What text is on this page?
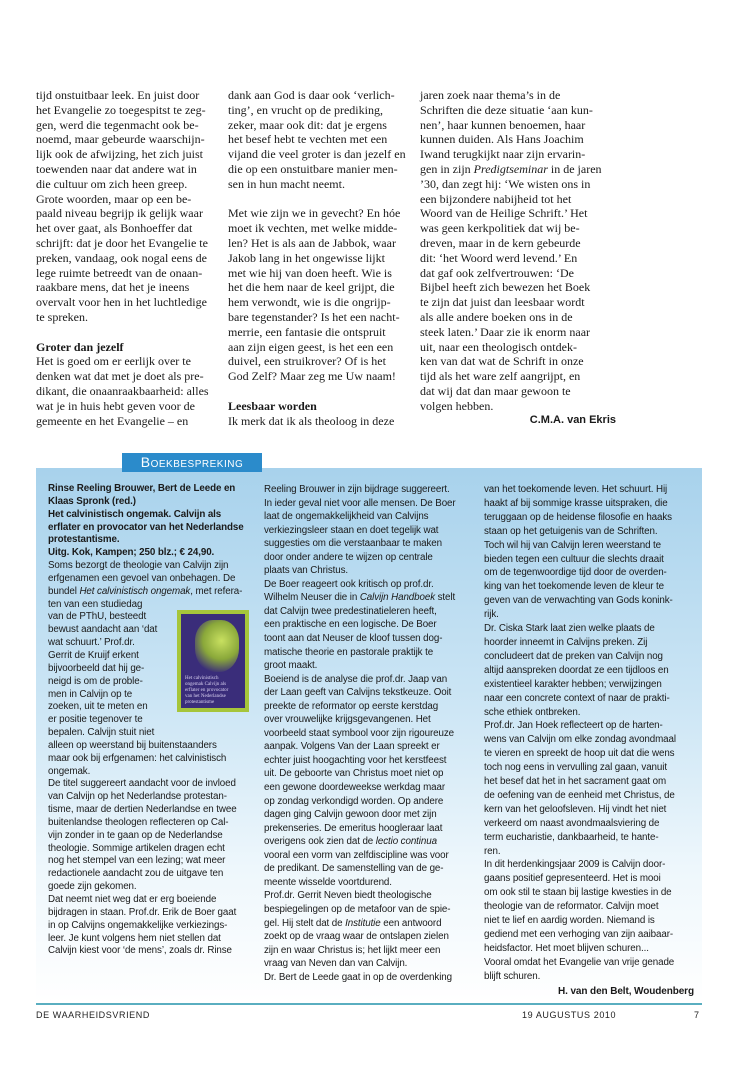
tijd onstuitbaar leek. En juist door
het Evangelie zo toegespitst te zeg-
gen, werd die tegenmacht ook be-
noemd, maar gebeurde waarschijn-
lijk ook de afwijzing, het zich juist
toewenden naar dat andere wat in
die cultuur om zich heen greep.
Grote woorden, maar op een be-
paald niveau begrijp ik gelijk waar
het over gaat, als Bonhoeffer dat
schrijft: dat je door het Evangelie te
preken, vandaag, ook nogal eens de
lege ruimte betreedt van de onaan-
raakbare mens, dat het je ineens
overvalt voor hen in het luchtledige
te spreken.

Groter dan jezelf
Het is goed om er eerlijk over te
denken wat dat met je doet als pre-
dikant, die onaanraakbaarheid: alles
wat je in huis hebt geven voor de
gemeente en het Evangelie – en
dank aan God is daar ook ‘verlich-
ting’, en vrucht op de prediking,
zeker, maar ook dit: dat je ergens
het besef hebt te vechten met een
vijand die veel groter is dan jezelf en
die op een onstuitbare manier men-
sen in hun macht neemt.

Met wie zijn we in gevecht? En hóe
moet ik vechten, met welke midde-
len? Het is als aan de Jabbok, waar
Jakob lang in het ongewisse lijkt
met wie hij van doen heeft. Wie is
het die hem naar de keel grijpt, die
hem verwondt, wie is die ongrijp-
bare tegenstander? Is het een nacht-
merrie, een fantasie die ontspruit
aan zijn eigen geest, is het een een
duivel, een struikrover? Of is het
God Zelf? Maar zeg me Uw naam!

Leesbaar worden
Ik merk dat ik als theoloog in deze
jaren zoek naar thema’s in de
Schriften die deze situatie ‘aan kun-
nen’, haar kunnen benoemen, haar
kunnen duiden. Als Hans Joachim
Iwand terugkijkt naar zijn ervarin-
gen in zijn Predigtseminar in de jaren
’30, dan zegt hij: ‘We wisten ons in
een bijzondere nabijheid tot het
Woord van de Heilige Schrift.’ Het
was geen kerkpolitiek dat wij be-
dreven, maar in de kern gebeurde
dit: ‘het Woord werd levend.’ En
dat gaf ook zelfvertrouwen: ‘De
Bijbel heeft zich bewezen het Boek
te zijn dat juist dan leesbaar wordt
als alle andere boeken ons in de
steek laten.’ Daar zie ik enorm naar
uit, naar een theologisch ontdek-
ken van dat wat de Schrift in onze
tijd als het ware zelf aangrijpt, en
dat wij dat dan maar gewoon te
volgen hebben.
C.M.A. van Ekris
Boekbespreking
Rinse Reeling Brouwer, Bert de Leede en
Klaas Spronk (red.)
Het calvinistisch ongemak. Calvijn als
erflater en provocator van het Nederlandse
protestantisme.
Uitg. Kok, Kampen; 250 blz.; € 24,90.
Soms bezorgt de theologie van Calvijn zijn
erfgenamen een gevoel van onbehagen. De
bundel Het calvinistisch ongemak, met refera-
ten van een studiedag
van de PThU, besteedt
bewust aandacht aan ‘dat
wat schuurt.’ Prof.dr.
Gerrit de Kruijf erkent
bijvoorbeeld dat hij ge-
neigd is om de proble-
men in Calvijn op te
zoeken, uit te meten en
er positie tegenover te
bepalen. Calvijn stuit niet
alleen op weerstand bij buitenstaanders
maar ook bij erfgenamen: het calvinistisch
ongemak.
De titel suggereert aandacht voor de invloed
van Calvijn op het Nederlandse protestan-
tisme, maar de dertien Nederlandse en twee
buitenlandse theologen reflecteren op Cal-
vijn zonder in te gaan op de Nederlandse
theologie. Sommige artikelen dragen echt
nog het stempel van een lezing; wat meer
redactionele aandacht zou de uitgave ten
goede zijn gekomen.
Dat neemt niet weg dat er erg boeiende
bijdragen in staan. Prof.dr. Erik de Boer gaat
in op Calvijns ongemakkelijke verkiezings-
leer. Je kunt volgens hem niet stellen dat
Calvijn kiest voor ‘de mens’, zoals dr. Rinse
Reeling Brouwer in zijn bijdrage suggereert.
In ieder geval niet voor alle mensen. De Boer
laat de ongemakkelijkheid van Calvijns
verkiezingsleer staan en doet tegelijk wat
suggesties om die verstaanbaar te maken
door onder andere te wijzen op centrale
plaats van Christus.
De Boer reageert ook kritisch op prof.dr.
Wilhelm Neuser die in Calvijn Handboek stelt
dat Calvijn twee predestinatieleren heeft,
een praktische en een logische. De Boer
toont aan dat Neuser de kloof tussen dog-
matische theorie en pastorale praktijk te
groot maakt.
Boeiend is de analyse die prof.dr. Jaap van
der Laan geeft van Calvijns tekstkeuze. Ooit
preekte de reformator op eerste kerstdag
over vrouwelijke krijgsgevangenen. Het
voorbeeld staat symbool voor zijn rigoureuze
aanpak. Volgens Van der Laan spreekt er
echter juist hoogachting voor het kerstfeest
uit. De geboorte van Christus moet niet op
een gewone doordeweekse werkdag maar
op zondag verkondigd worden. Op andere
dagen ging Calvijn gewoon door met zijn
prekenseries. De emeritus hoogleraar laat
overigens ook zien dat de lectio continua
vooral een vorm van zelfdiscipline was voor
de predikant. De samenstelling van de ge-
meente wisselde voortdurend.
Prof.dr. Gerrit Neven biedt theologische
bespiegelingen op de metafoor van de spie-
gel. Hij stelt dat de Institutie een antwoord
zoekt op de vraag waar de ontslapen zielen
zijn en waar Christus is; het lijkt meer een
vraag van Neven dan van Calvijn.
Dr. Bert de Leede gaat in op de overdenking
van het toekomende leven. Het schuurt. Hij
haakt af bij sommige krasse uitspraken, die
teruggaan op de heidense filosofie en haaks
staan op het getuigenis van de Schriften.
Toch wil hij van Calvijn leren weerstand te
bieden tegen een cultuur die slechts draait
om de tegenwoordige tijd door de overden-
king van het toekomende leven de kleur te
geven van de verwachting van Gods konink-
rijk.
Dr. Ciska Stark laat zien welke plaats de
hoorder inneemt in Calvijns preken. Zij
concludeert dat de preken van Calvijn nog
altijd aanspreken doordat ze een tijdloos en
existentieel karakter hebben; verwijzingen
naar een concrete context of naar de prakti-
sche ethiek ontbreken.
Prof.dr. Jan Hoek reflecteert op de harten-
wens van Calvijn om elke zondag avondmaal
te vieren en spreekt de hoop uit dat die wens
toch nog eens in vervulling zal gaan, vanuit
het besef dat het in het sacrament gaat om
de oefening van de eenheid met Christus, de
kern van het geloofsleven. Hij vindt het niet
verkeerd om naast avondmaalsviering de
term eucharistie, dankbaarheid, te hante-
ren.
In dit herdenkingsjaar 2009 is Calvijn door-
gaans positief gepresenteerd. Het is mooi
om ook stil te staan bij lastige kwesties in de
theologie van de reformator. Calvijn moet
niet te lief en aardig worden. Niemand is
gediend met een verhoging van zijn aaibaar-
heidsfactor. Het moet blijven schuren...
Vooral omdat het Evangelie van vrije genade
blijft schuren.
H. van den Belt, Woudenberg
Het calvinistisch
ongemak Calvijn als
erflater en provocator
van het Nederlandse
protestantisme
DE WAARHEIDSVRIEND	19 AUGUSTUS 2010	7
